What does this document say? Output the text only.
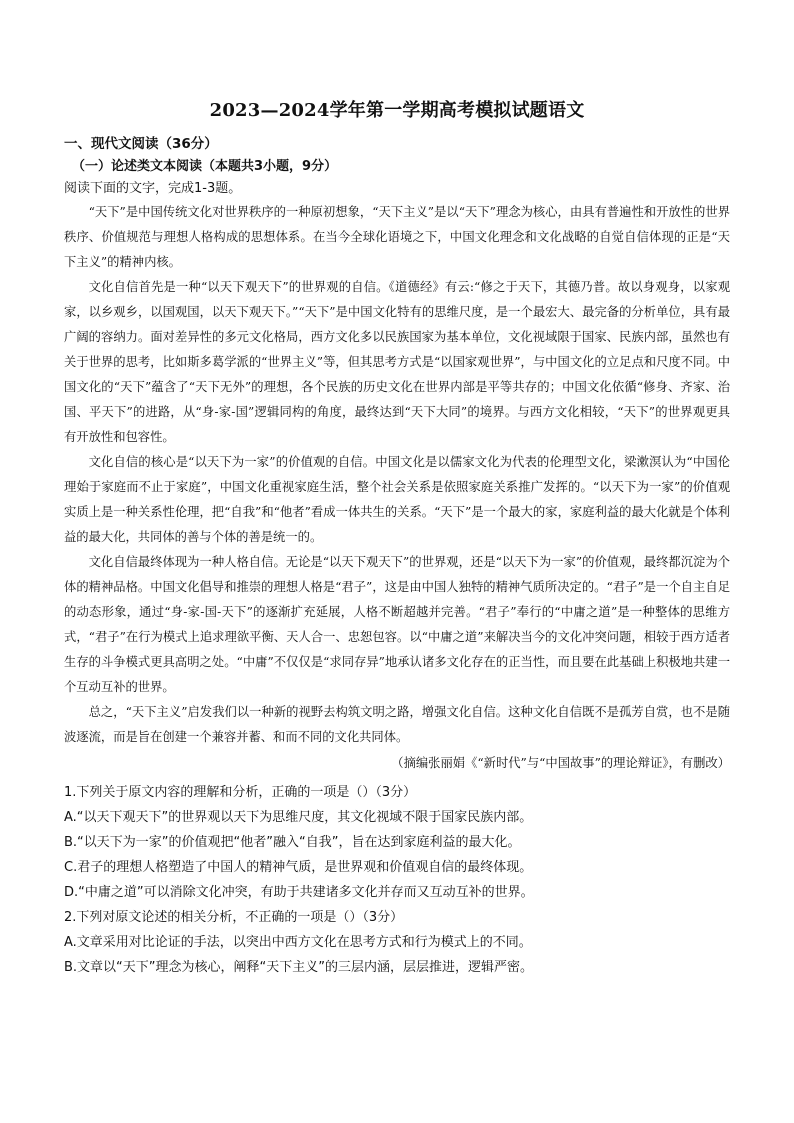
2023—2024学年第一学期高考模拟试题语文
一、现代文阅读（36分）
（一）论述类文本阅读（本题共3小题，9分）
阅读下面的文字，完成1-3题。

“天下”是中国传统文化对世界秩序的一种原初想象，“天下主义”是以“天下”理念为核心，由具有普遍性和开放性的世界秩序、价值规范与理想人格构成的思想体系。在当今全球化语境之下，中国文化理念和文化战略的自觉自信体现的正是“天下主义”的精神内核。

文化自信首先是一种“以天下观天下”的世界观的自信。《道德经》有云:“修之于天下，其德乃普。故以身观身，以家观家，以乡观乡，以国观国，以天下观天下。”“天下”是中国文化特有的思维尺度，是一个最宏大、最完备的分析单位，具有最广阔的容纳力。面对差异性的多元文化格局，西方文化多以民族国家为基本单位，文化视域限于国家、民族内部，虽然也有关于世界的思考，比如斯多葛学派的“世界主义”等，但其思考方式是“以国家观世界”，与中国文化的立足点和尺度不同。中国文化的“天下”蕴含了“天下无外”的理想，各个民族的历史文化在世界内部是平等共存的；中国文化依循“修身、齐家、治国、平天下”的进路，从“身-家-国”逻辑同构的角度，最终达到“天下大同”的境界。与西方文化相较，“天下”的世界观更具有开放性和包容性。

文化自信的核心是“以天下为一家”的价值观的自信。中国文化是以儒家文化为代表的伦理型文化，梁漱溟认为“中国伦理始于家庭而不止于家庭”，中国文化重视家庭生活，整个社会关系是依照家庭关系推广发挥的。“以天下为一家”的价值观实质上是一种关系性伦理，把“自我”和“他者”看成一体共生的关系。“天下”是一个最大的家，家庭利益的最大化就是个体利益的最大化，共同体的善与个体的善是统一的。

文化自信最终体现为一种人格自信。无论是“以天下观天下”的世界观，还是“以天下为一家”的价值观，最终都沉淀为个体的精神品格。中国文化倡导和推崇的理想人格是“君子”，这是由中国人独特的精神气质所决定的。“君子”是一个自主自足的动态形象，通过“身-家-国-天下”的逐渐扩充延展，人格不断超越并完善。“君子”奉行的“中庸之道”是一种整体的思维方式，“君子”在行为模式上追求理欲平衡、天人合一、忠恕包容。以“中庸之道”来解决当今的文化冲突问题，相较于西方适者生存的斗争模式更具高明之处。“中庸”不仅仅是“求同存异”地承认诸多文化存在的正当性，而且要在此基础上积极地共建一个互动互补的世界。

总之，“天下主义”启发我们以一种新的视野去构筑文明之路，增强文化自信。这种文化自信既不是孤芳自赏，也不是随波逐流，而是旨在创建一个兼容并蓄、和而不同的文化共同体。

（摘编张丽娟《“新时代”与“中国故事”的理论辩证》，有删改）

1.下列关于原文内容的理解和分析，正确的一项是（）（3分）

A.“以天下观天下”的世界观以天下为思维尺度，其文化视域不限于国家民族内部。

B.“以天下为一家”的价值观把“他者”融入“自我”，旨在达到家庭利益的最大化。

C.君子的理想人格塑造了中国人的精神气质，是世界观和价值观自信的最终体现。

D.“中庸之道”可以消除文化冲突，有助于共建诸多文化并存而又互动互补的世界。

2.下列对原文论述的相关分析，不正确的一项是（）（3分）

A.文章采用对比论证的手法，以突出中西方文化在思考方式和行为模式上的不同。

B.文章以“天下”理念为核心，阐释“天下主义”的三层内涵，层层推进，逻辑严密。
